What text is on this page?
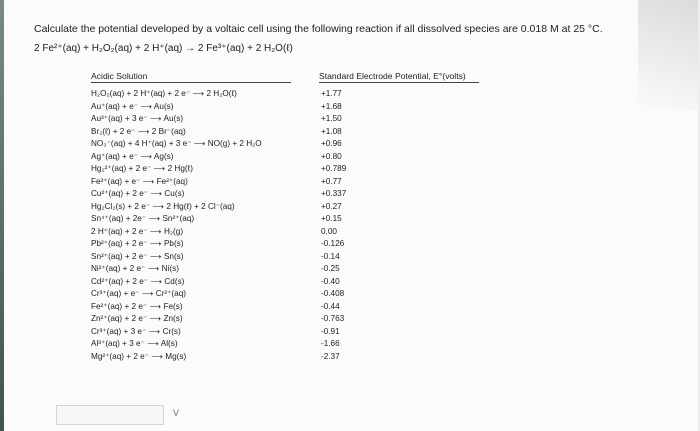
Calculate the potential developed by a voltaic cell using the following reaction if all dissolved species are 0.018 M at 25 °C.
2 Fe²⁺(aq) + H₂O₂(aq) + 2 H⁺(aq) → 2 Fe³⁺(aq) + 2 H₂O(ℓ)
Acidic Solution	Standard Electrode Potential, E°(volts)
H₂O₂(aq) + 2 H⁺(aq) + 2 e⁻ ⟶ 2 H₂O(ℓ)	+1.77
Au⁺(aq) + e⁻ ⟶ Au(s)	+1.68
Au³⁺(aq) + 3 e⁻ ⟶ Au(s)	+1.50
Br₂(ℓ) + 2 e⁻ ⟶ 2 Br⁻(aq)	+1.08
NO₃⁻(aq) + 4 H⁺(aq) + 3 e⁻ ⟶ NO(g) + 2 H₂O	+0.96
Ag⁺(aq) + e⁻ ⟶ Ag(s)	+0.80
Hg₂²⁺(aq) + 2 e⁻ ⟶ 2 Hg(ℓ)	+0.789
Fe³⁺(aq) + e⁻ ⟶ Fe²⁺(aq)	+0.77
Cu²⁺(aq) + 2 e⁻ ⟶ Cu(s)	+0.337
Hg₂Cl₂(s) + 2 e⁻ ⟶ 2 Hg(ℓ) + 2 Cl⁻(aq)	+0.27
Sn⁴⁺(aq) + 2e⁻ ⟶ Sn²⁺(aq)	+0.15
2 H⁺(aq) + 2 e⁻ ⟶ H₂(g)	0.00
Pb²⁺(aq) + 2 e⁻ ⟶ Pb(s)	-0.126
Sn²⁺(aq) + 2 e⁻ ⟶ Sn(s)	-0.14
Ni²⁺(aq) + 2 e⁻ ⟶ Ni(s)	-0.25
Cd²⁺(aq) + 2 e⁻ ⟶ Cd(s)	-0.40
Cr³⁺(aq) + e⁻ ⟶ Cr²⁺(aq)	-0.408
Fe²⁺(aq) + 2 e⁻ ⟶ Fe(s)	-0.44
Zn²⁺(aq) + 2 e⁻ ⟶ Zn(s)	-0.763
Cr³⁺(aq) + 3 e⁻ ⟶ Cr(s)	-0.91
Al³⁺(aq) + 3 e⁻ ⟶ Al(s)	-1.66
Mg²⁺(aq) + 2 e⁻ ⟶ Mg(s)	-2.37
V
